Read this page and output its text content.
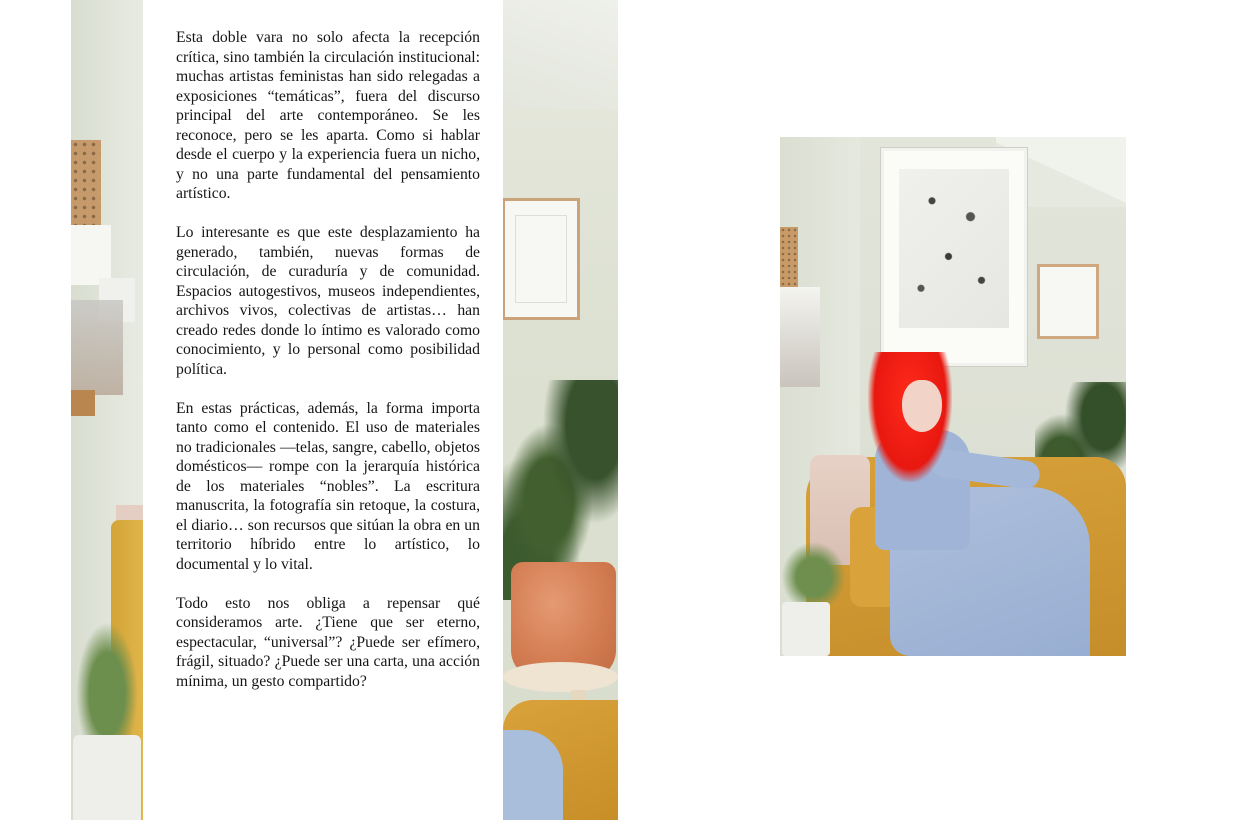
Esta doble vara no solo afecta la recepción crítica, sino también la circulación institucional: muchas artistas feministas han sido relegadas a exposiciones “temáticas”, fuera del discurso principal del arte contemporáneo. Se les reconoce, pero se les aparta. Como si hablar desde el cuerpo y la experiencia fuera un nicho, y no una parte fundamental del pensamiento artístico.

Lo interesante es que este desplazamiento ha generado, también, nuevas formas de circulación, de curaduría y de comunidad. Espacios autogestivos, museos independientes, archivos vivos, colectivas de artistas… han creado redes donde lo íntimo es valorado como conocimiento, y lo personal como posibilidad política.

En estas prácticas, además, la forma importa tanto como el contenido. El uso de materiales no tradicionales —telas, sangre, cabello, objetos domésticos— rompe con la jerarquía histórica de los materiales “nobles”. La escritura manuscrita, la fotografía sin retoque, la costura, el diario… son recursos que sitúan la obra en un territorio híbrido entre lo artístico, lo documental y lo vital.

Todo esto nos obliga a repensar qué consideramos arte. ¿Tiene que ser eterno, espectacular, “universal”? ¿Puede ser efímero, frágil, situado? ¿Puede ser una carta, una acción mínima, un gesto compartido?
